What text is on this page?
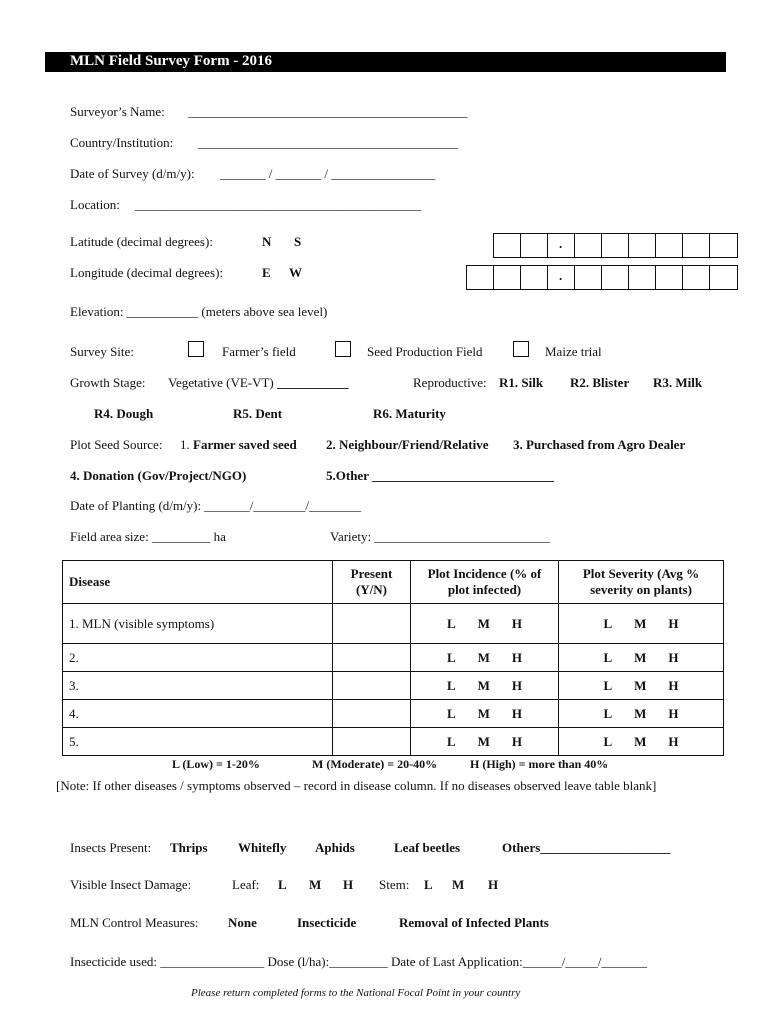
MLN Field Survey Form - 2016
Surveyor’s Name: ___________________________________________
Country/Institution: ________________________________________
Date of Survey (d/m/y): _______ / _______ / ________________
Location: ____________________________________________
Latitude (decimal degrees):	N S
.
Longitude (decimal degrees):	E W
.
Elevation: ___________ (meters above sea level)
Survey Site:	Farmer’s field	Seed Production Field	Maize trial
Growth Stage: Vegetative (VE-VT) ___________	Reproductive: R1. Silk R2. Blister R3. Milk
R4. Dough	R5. Dent	R6. Maturity
Plot Seed Source: 1. Farmer saved seed 2. Neighbour/Friend/Relative 3. Purchased from Agro Dealer
4. Donation (Gov/Project/NGO)	5.Other ____________________________
Date of Planting (d/m/y): _______/________/________
Field area size: _________ ha	Variety: ___________________________
Disease	Present (Y/N)	Plot Incidence (% of plot infected)	Plot Severity (Avg % severity on plants)
1. MLN (visible symptoms)		L M H	L M H

2.		L M H	L M H

3.		L M H	L M H

4.		L M H	L M H

5.		L M H	L M H
L (Low) = 1-20%	M (Moderate) = 20-40%	H (High) = more than 40%
[Note: If other diseases / symptoms observed – record in disease column. If no diseases observed leave table blank]
Insects Present: Thrips Whitefly Aphids	Leaf beetles	Others____________________
Visible Insect Damage:	Leaf: L M H Stem: L M H
MLN Control Measures: None	Insecticide	Removal of Infected Plants
Insecticide used: ________________ Dose (l/ha):_________ Date of Last Application:______/_____/_______
Please return completed forms to the National Focal Point in your country
